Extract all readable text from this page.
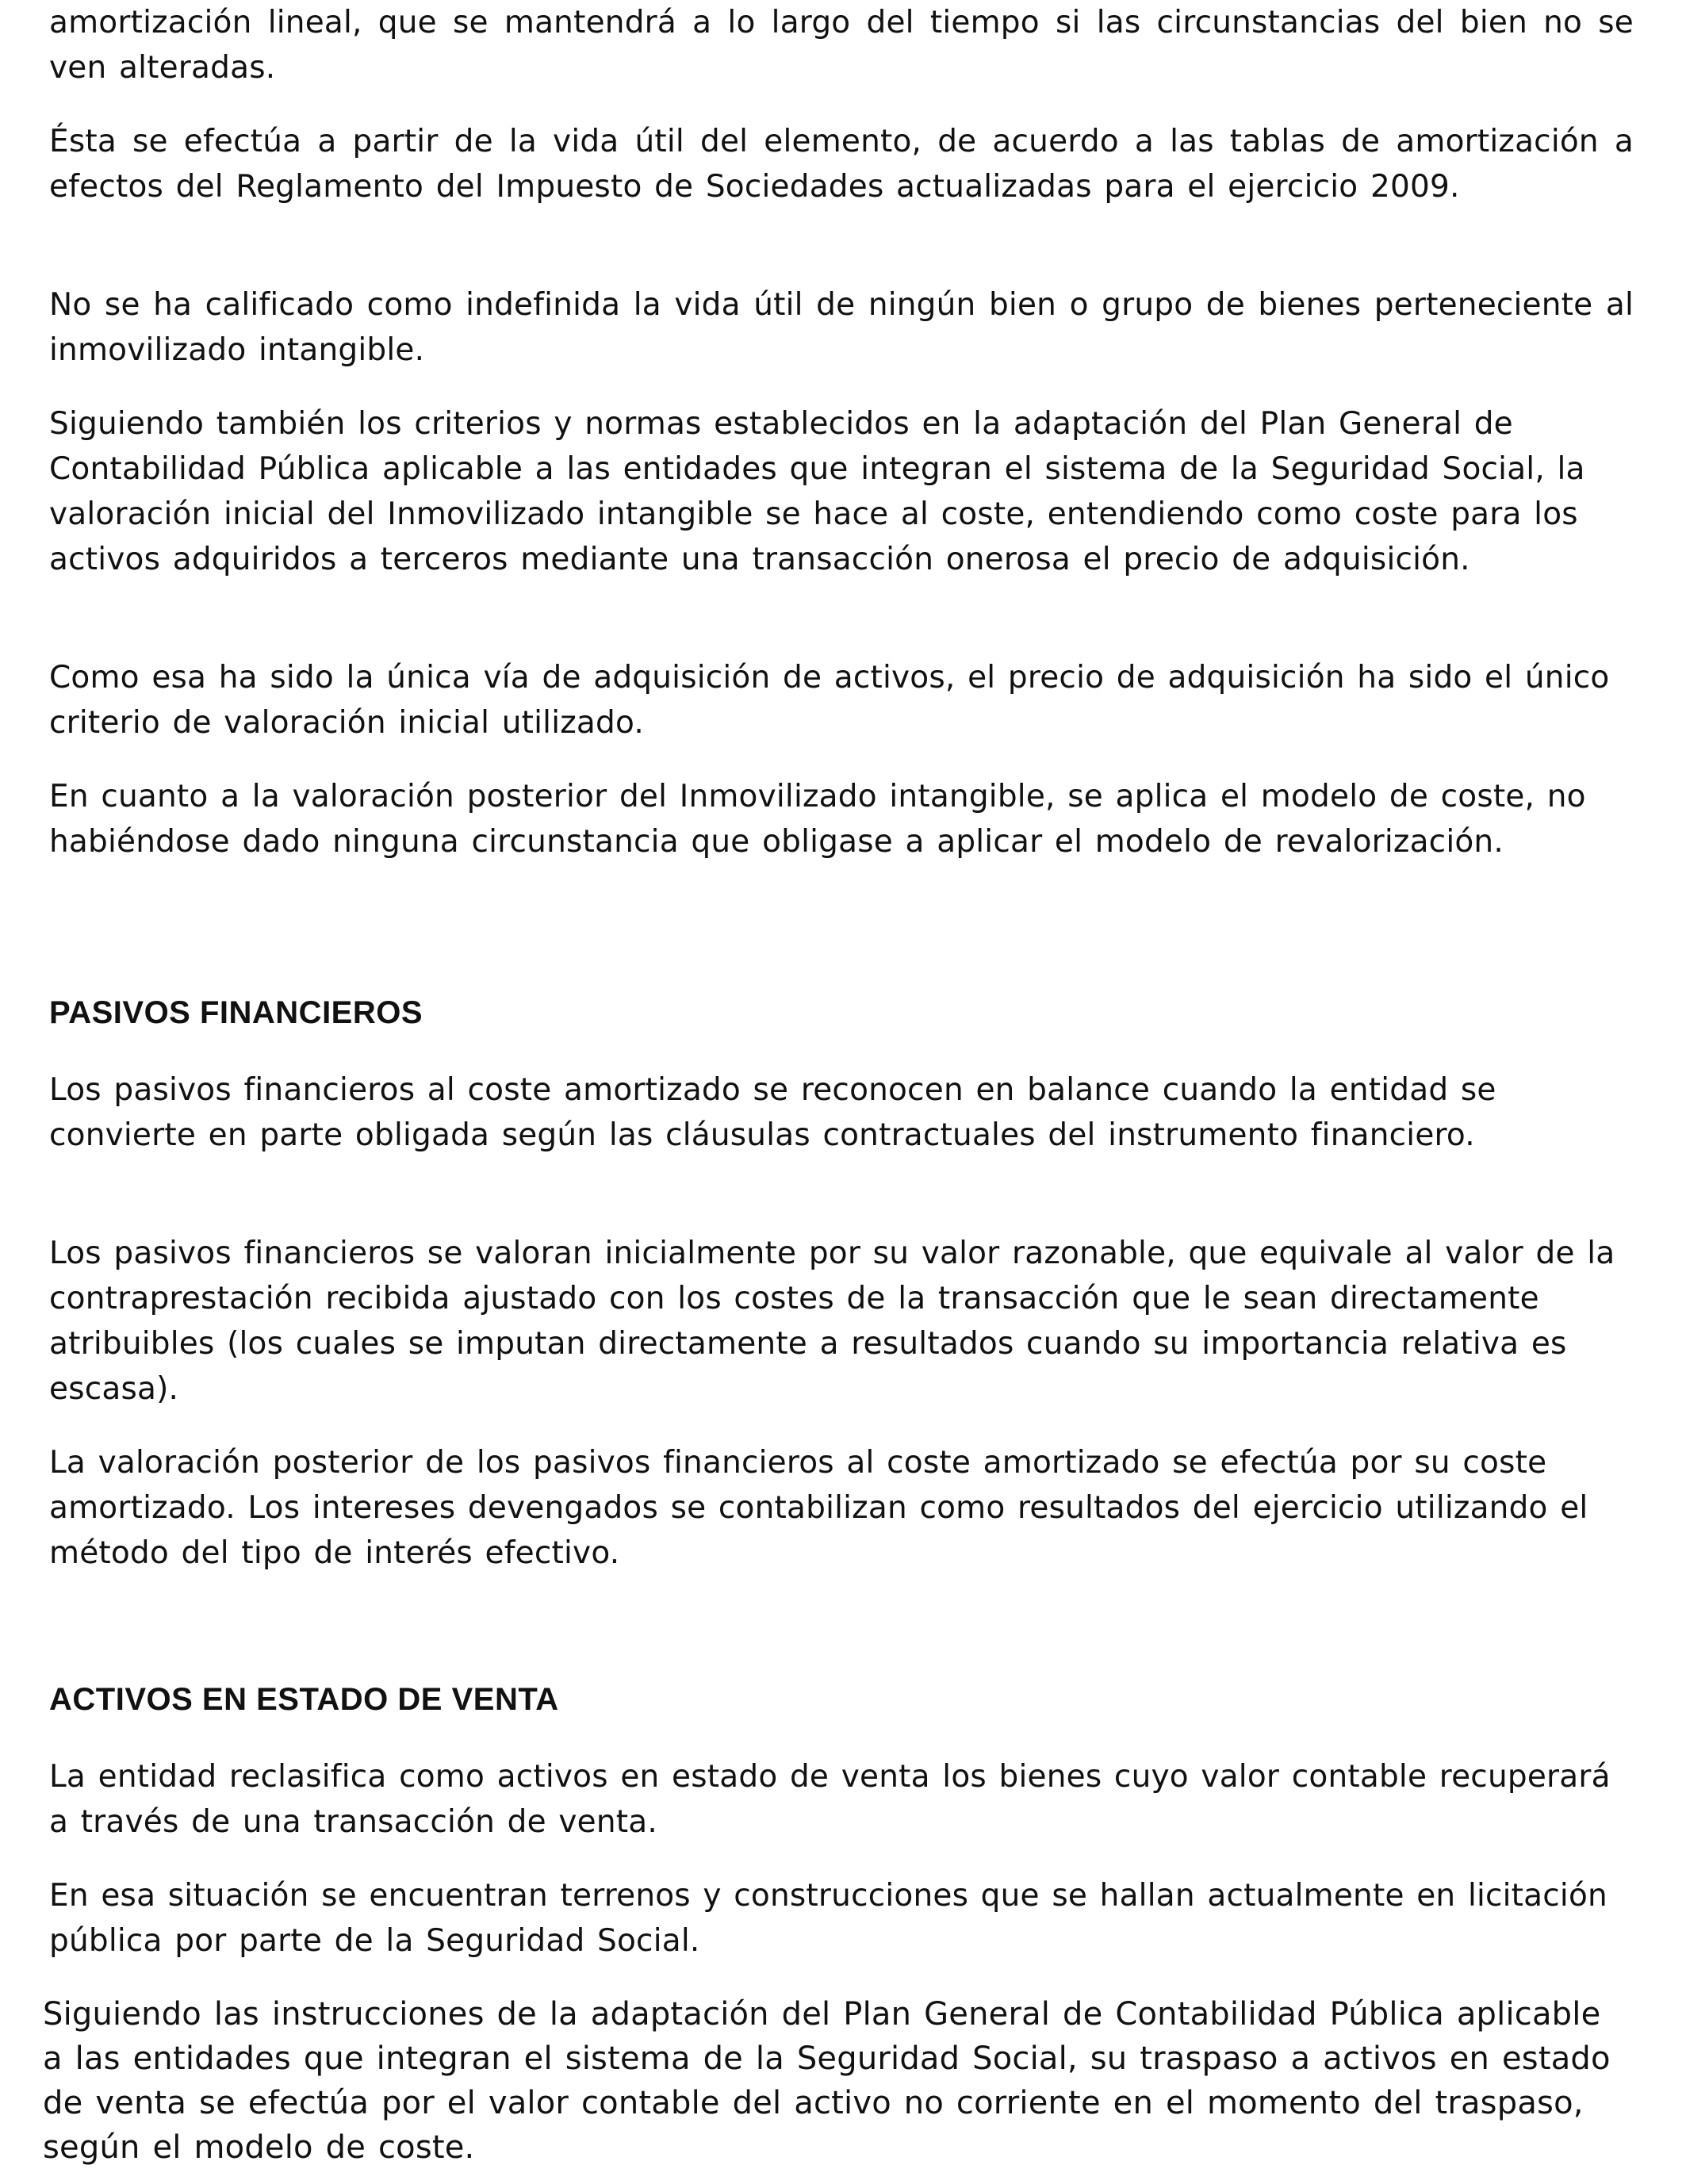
amortización lineal, que se mantendrá a lo largo del tiempo si las circunstancias del bien no se ven alteradas.

Ésta se efectúa a partir de la vida útil del elemento, de acuerdo a las tablas de amortización a efectos del Reglamento del Impuesto de Sociedades actualizadas para el ejercicio 2009.

No se ha calificado como indefinida la vida útil de ningún bien o grupo de bienes perteneciente al inmovilizado intangible.

Siguiendo también los criterios y normas establecidos en la adaptación del Plan General de Contabilidad Pública aplicable a las entidades que integran el sistema de la Seguridad Social, la valoración inicial del Inmovilizado intangible se hace al coste, entendiendo como coste para los activos adquiridos a terceros mediante una transacción onerosa el precio de adquisición.

Como esa ha sido la única vía de adquisición de activos, el precio de adquisición ha sido el único criterio de valoración inicial utilizado.

En cuanto a la valoración posterior del Inmovilizado intangible, se aplica el modelo de coste, no habiéndose dado ninguna circunstancia que obligase a aplicar el modelo de revalorización.

PASIVOS FINANCIEROS

Los pasivos financieros al coste amortizado se reconocen en balance cuando la entidad se convierte en parte obligada según las cláusulas contractuales del instrumento financiero.

Los pasivos financieros se valoran inicialmente por su valor razonable, que equivale al valor de la contraprestación recibida ajustado con los costes de la transacción que le sean directamente atribuibles (los cuales se imputan directamente a resultados cuando su importancia relativa es escasa).

La valoración posterior de los pasivos financieros al coste amortizado se efectúa por su coste amortizado. Los intereses devengados se contabilizan como resultados del ejercicio utilizando el método del tipo de interés efectivo.

ACTIVOS EN ESTADO DE VENTA

La entidad reclasifica como activos en estado de venta los bienes cuyo valor contable recuperará a través de una transacción de venta.

En esa situación se encuentran terrenos y construcciones que se hallan actualmente en licitación pública por parte de la Seguridad Social.

Siguiendo las instrucciones de la adaptación del Plan General de Contabilidad Pública aplicable a las entidades que integran el sistema de la Seguridad Social, su traspaso a activos en estado de venta se efectúa por el valor contable del activo no corriente en el momento del traspaso, según el modelo de coste.
